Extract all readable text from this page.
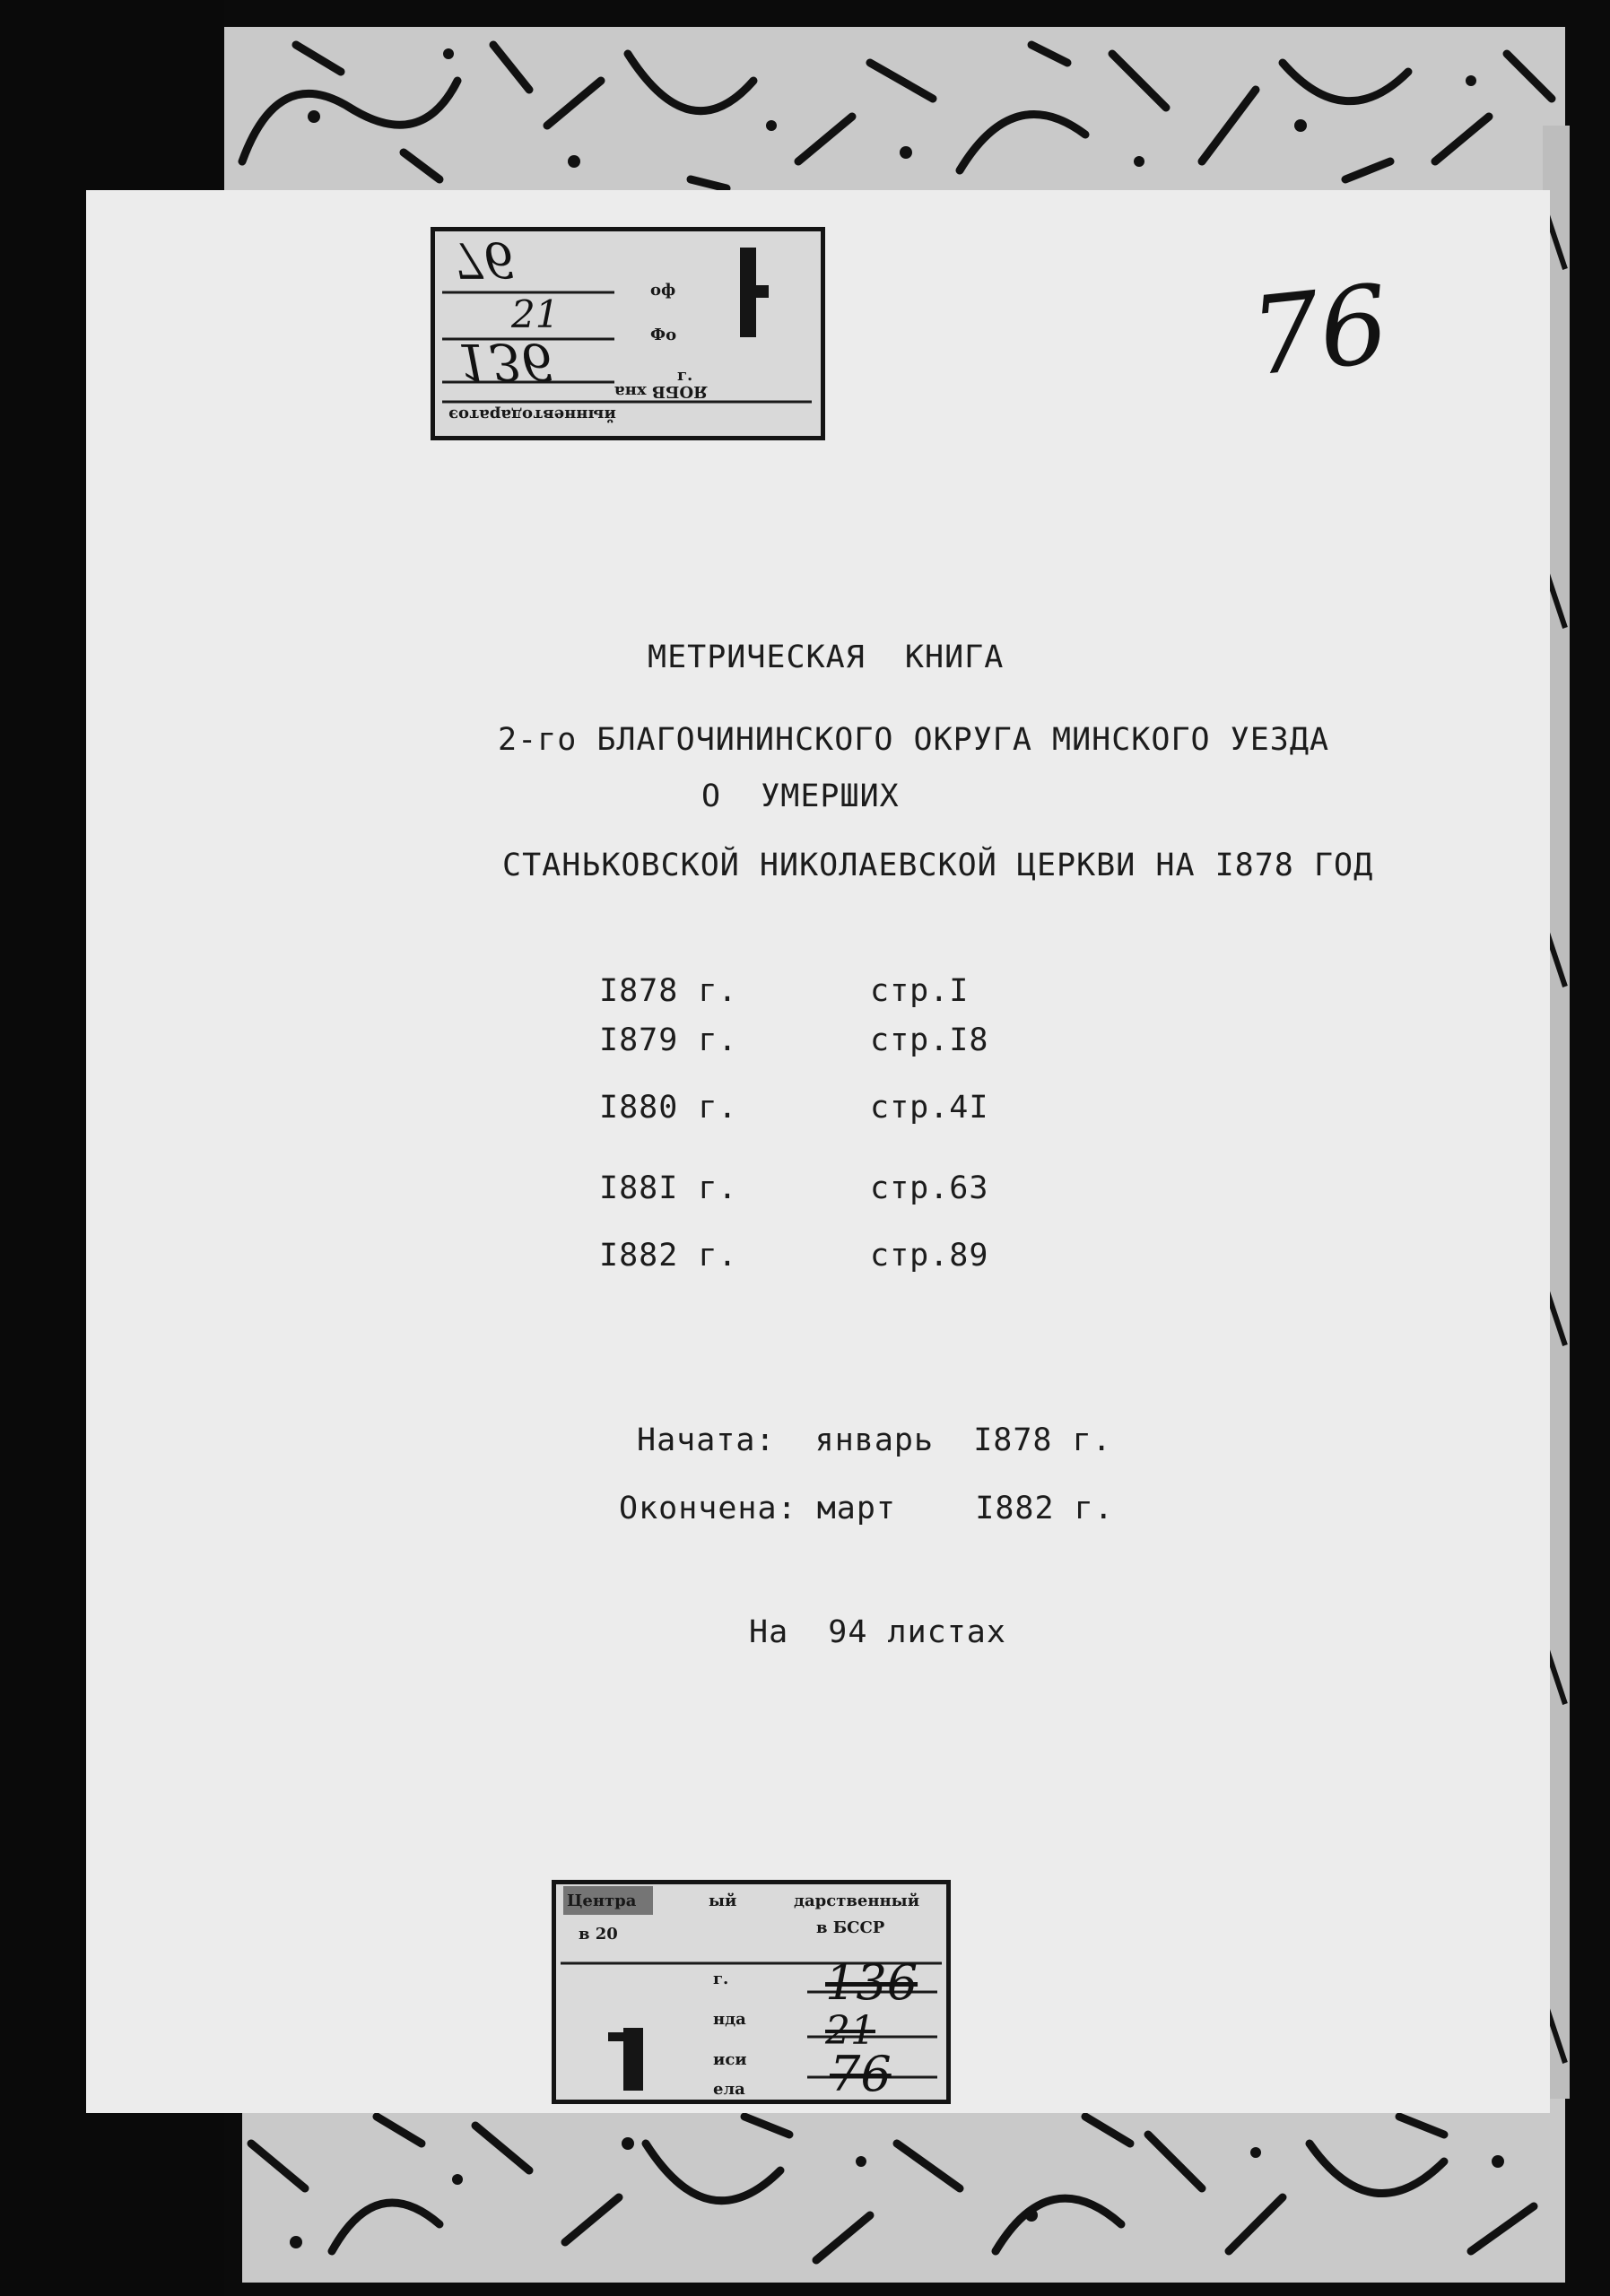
76
21
136
оф
Фо
г.
ЯОБВ хна
йынневтодаратоэ
76
МЕТРИЧЕСКАЯ  КНИГА
2-го БЛАГОЧИНИНСКОГО ОКРУГА МИНСКОГО УЕЗДА
О  УМЕРШИХ
СТАНЬКОВСКОЙ НИКОЛАЕВСКОЙ ЦЕРКВИ НА I878 ГОД
I878 г.	стр.I
I879 г.	стр.I8
I880 г.	стр.4I
I88I г.	стр.63
I882 г.	стр.89
Начата:  январь  I878 г.
Окончена: март    I882 г.
На  94 листах
Центра	ый	дарственный
в 20	в БССР
г.
нда
иси
ела
136
21
76
